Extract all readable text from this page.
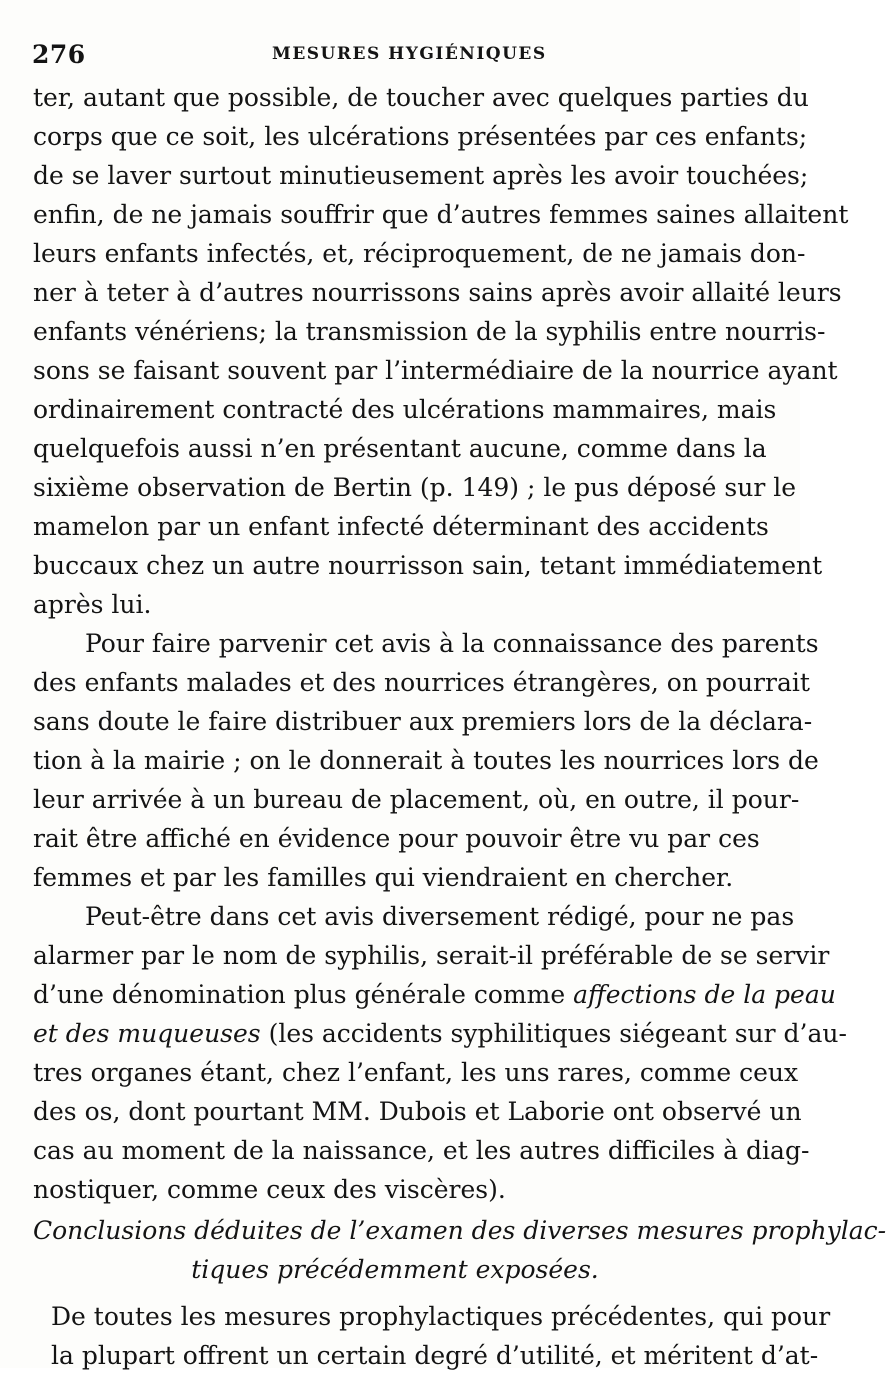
276	MESURES HYGIÉNIQUES
ter, autant que possible, de toucher avec quelques parties du
corps que ce soit, les ulcérations présentées par ces enfants;
de se laver surtout minutieusement après les avoir touchées;
enfin, de ne jamais souffrir que d’autres femmes saines allaitent
leurs enfants infectés, et, réciproquement, de ne jamais don-
ner à teter à d’autres nourrissons sains après avoir allaité leurs
enfants vénériens; la transmission de la syphilis entre nourris-
sons se faisant souvent par l’intermédiaire de la nourrice ayant
ordinairement contracté des ulcérations mammaires, mais
quelquefois aussi n’en présentant aucune, comme dans la
sixième observation de Bertin (p. 149) ; le pus déposé sur le
mamelon par un enfant infecté déterminant des accidents
buccaux chez un autre nourrisson sain, tetant immédiatement
après lui.
Pour faire parvenir cet avis à la connaissance des parents
des enfants malades et des nourrices étrangères, on pourrait
sans doute le faire distribuer aux premiers lors de la déclara-
tion à la mairie ; on le donnerait à toutes les nourrices lors de
leur arrivée à un bureau de placement, où, en outre, il pour-
rait être affiché en évidence pour pouvoir être vu par ces
femmes et par les familles qui viendraient en chercher.
Peut-être dans cet avis diversement rédigé, pour ne pas
alarmer par le nom de syphilis, serait-il préférable de se servir
d’une dénomination plus générale comme affections de la peau
et des muqueuses (les accidents syphilitiques siégeant sur d’au-
tres organes étant, chez l’enfant, les uns rares, comme ceux
des os, dont pourtant MM. Dubois et Laborie ont observé un
cas au moment de la naissance, et les autres difficiles à diag-
nostiquer, comme ceux des viscères).
Conclusions déduites de l’examen des diverses mesures prophylac-
tiques précédemment exposées.
De toutes les mesures prophylactiques précédentes, qui pour
la plupart offrent un certain degré d’utilité, et méritent d’at-
